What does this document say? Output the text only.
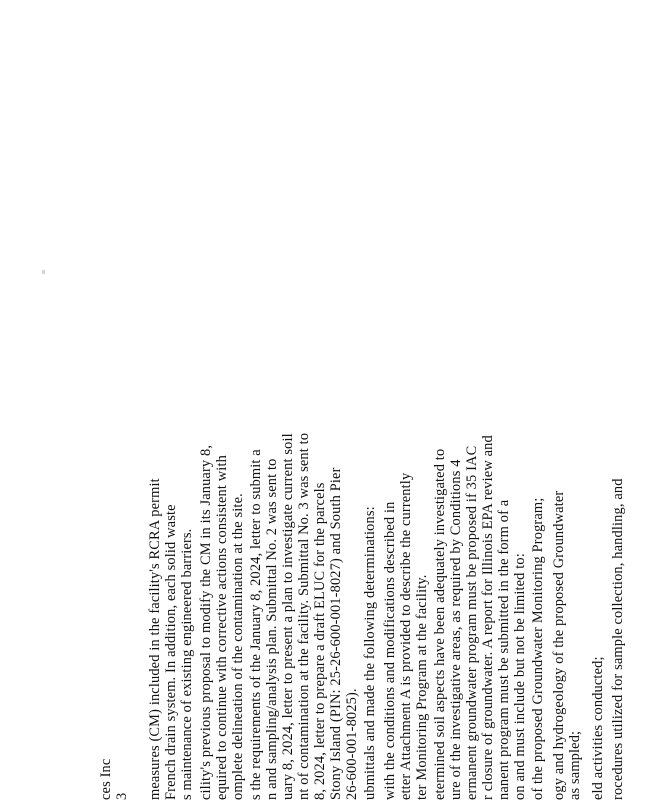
ces Inc 3 measures (CM) included in the facility's RCRA permit French drain system. In addition, each solid waste s maintenance of existing engineered barriers. cility's previous proposal to modify the CM in its January 8, equired to continue with corrective actions consistent with omplete delineation of the contamination at the site. s the requirements of the January 8, 2024, letter to submit a n and sampling/analysis plan. Submittal No. 2 was sent to uary 8, 2024, letter to present a plan to investigate current soil nt of contamination at the facility. Submittal No. 3 was sent to 8, 2024, letter to prepare a draft ELUC for the parcels Stony Island (PIN: 25-26-600-001-8027) and South Pier 26-600-001-8025). ubmittals and made the following determinations: with the conditions and modifications described in etter Attachment A is provided to describe the currently ter Monitoring Program at the facility. etermined soil aspects have been adequately investigated to ure of the investigative areas, as required by Conditions 4 ermanent groundwater program must be proposed if 35 IAC r closure of groundwater. A report for Illinois EPA review and nanent program must be submitted in the form of a on and must include but not be limited to: of the proposed Groundwater Monitoring Program; ogy and hydrogeology of the proposed Groundwater as sampled; eld activities conducted; rocedures utilized for sample collection, handling, and
